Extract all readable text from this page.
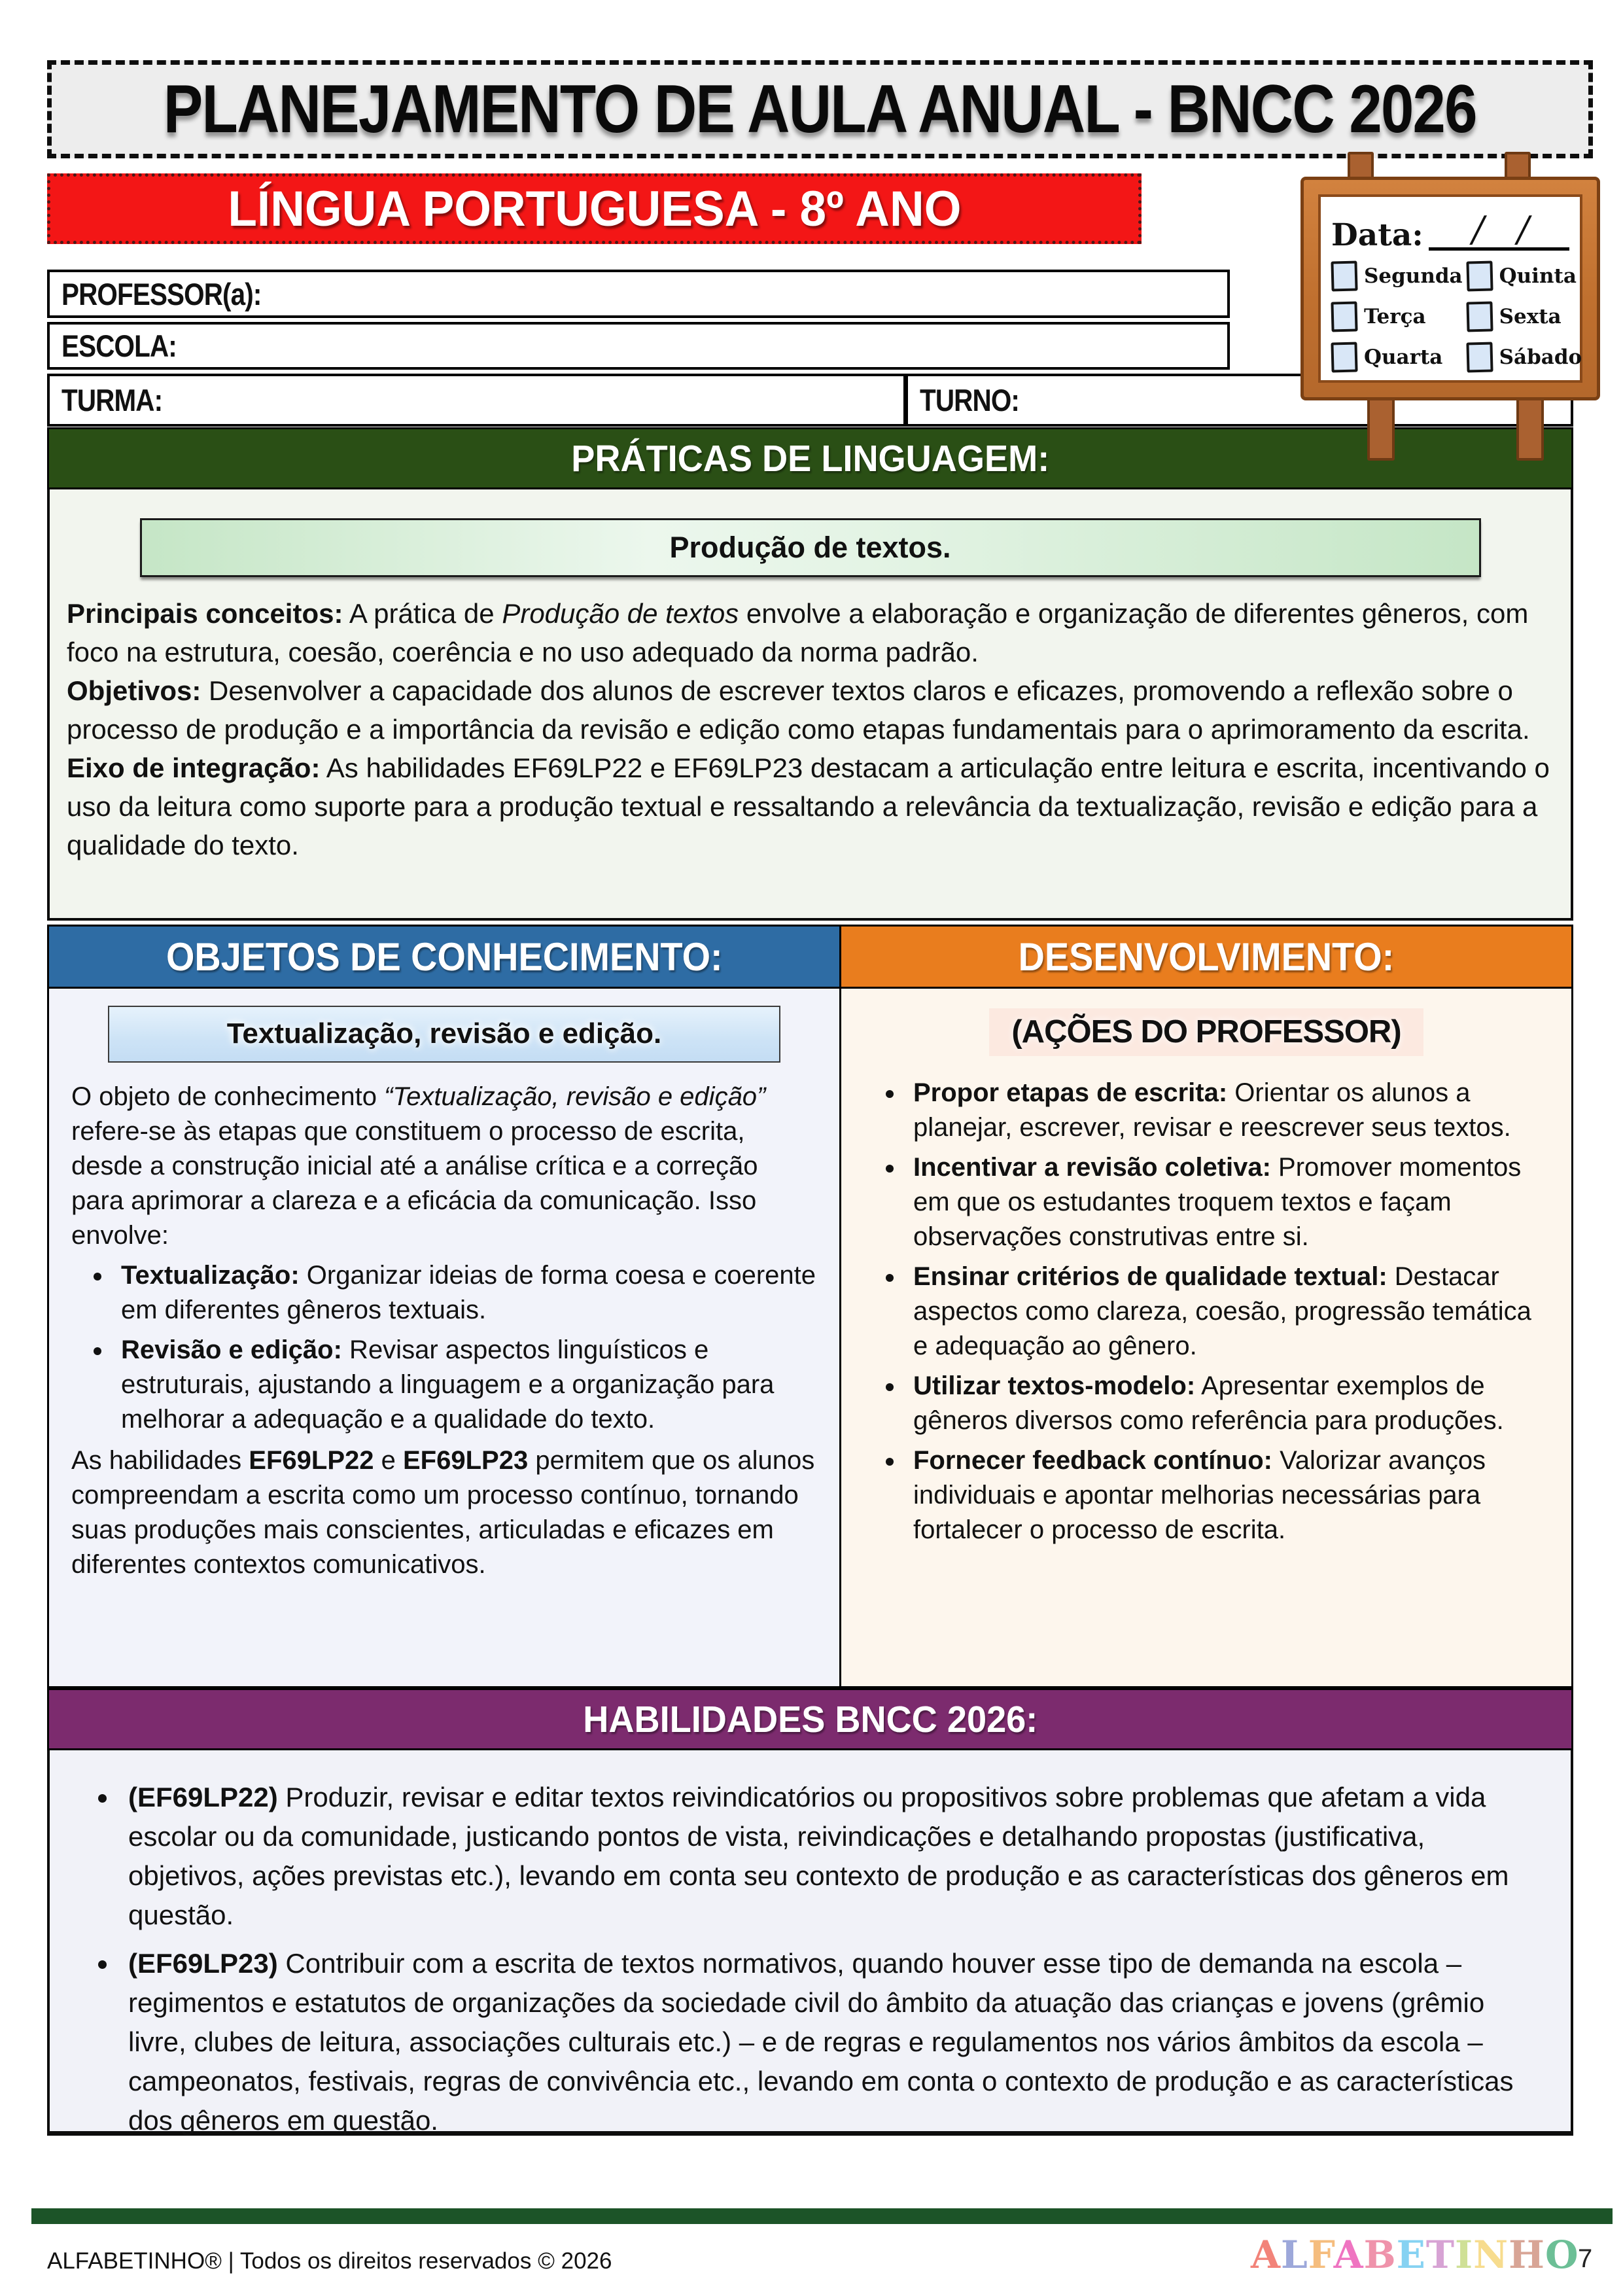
PLANEJAMENTO DE AULA ANUAL - BNCC 2026
LÍNGUA PORTUGUESA - 8º ANO
PROFESSOR(a):
ESCOLA:
TURMA:	TURNO:
Data: / /
Segunda Quinta
Terça	Sexta
Quarta	Sábado
PRÁTICAS DE LINGUAGEM:
Produção de textos.

Principais conceitos: A prática de Produção de textos envolve a elaboração e organização de diferentes gêneros, com foco na estrutura, coesão, coerência e no uso adequado da norma padrão.

Objetivos: Desenvolver a capacidade dos alunos de escrever textos claros e eficazes, promovendo a reflexão sobre o processo de produção e a importância da revisão e edição como etapas fundamentais para o aprimoramento da escrita.

Eixo de integração: As habilidades EF69LP22 e EF69LP23 destacam a articulação entre leitura e escrita, incentivando o uso da leitura como suporte para a produção textual e ressaltando a relevância da textualização, revisão e edição para a qualidade do texto.

OBJETOS DE CONHECIMENTO:
Textualização, revisão e edição.

O objeto de conhecimento “Textualização, revisão e edição” refere-se às etapas que constituem o processo de escrita, desde a construção inicial até a análise crítica e a correção para aprimorar a clareza e a eficácia da comunicação. Isso envolve:

• Textualização: Organizar ideias de forma coesa e coerente em diferentes gêneros textuais.
• Revisão e edição: Revisar aspectos linguísticos e estruturais, ajustando a linguagem e a organização para melhorar a adequação e a qualidade do texto.

As habilidades EF69LP22 e EF69LP23 permitem que os alunos compreendam a escrita como um processo contínuo, tornando suas produções mais conscientes, articuladas e eficazes em diferentes contextos comunicativos.

DESENVOLVIMENTO:
(AÇÕES DO PROFESSOR)
• Propor etapas de escrita: Orientar os alunos a planejar, escrever, revisar e reescrever seus textos.
• Incentivar a revisão coletiva: Promover momentos em que os estudantes troquem textos e façam observações construtivas entre si.
• Ensinar critérios de qualidade textual: Destacar aspectos como clareza, coesão, progressão temática e adequação ao gênero.
• Utilizar textos-modelo: Apresentar exemplos de gêneros diversos como referência para produções.
• Fornecer feedback contínuo: Valorizar avanços individuais e apontar melhorias necessárias para fortalecer o processo de escrita.
HABILIDADES BNCC 2026:
• (EF69LP22) Produzir, revisar e editar textos reivindicatórios ou propositivos sobre problemas que afetam a vida escolar ou da comunidade, justicando pontos de vista, reivindicações e detalhando propostas (justificativa, objetivos, ações previstas etc.), levando em conta seu contexto de produção e as características dos gêneros em questão.
• (EF69LP23) Contribuir com a escrita de textos normativos, quando houver esse tipo de demanda na escola – regimentos e estatutos de organizações da sociedade civil do âmbito da atuação das crianças e jovens (grêmio livre, clubes de leitura, associações culturais etc.) – e de regras e regulamentos nos vários âmbitos da escola – campeonatos, festivais, regras de convivência etc., levando em conta o contexto de produção e as características dos gêneros em questão.
ALFABETINHO® | Todos os direitos reservados © 2026	ALFABETINHO
7
